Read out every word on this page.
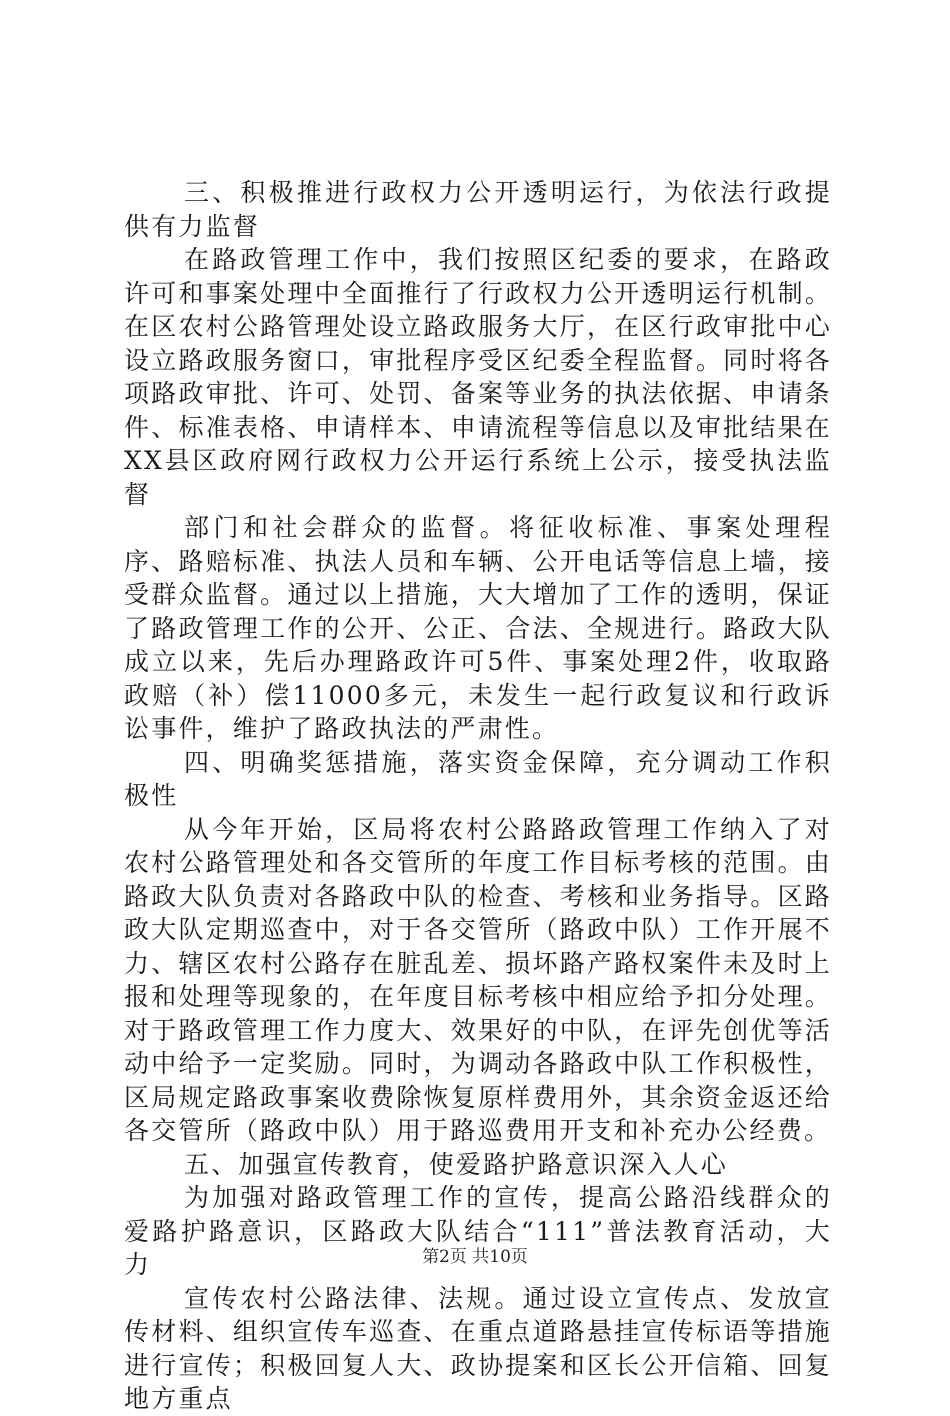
三、积极推进行政权力公开透明运行，为依法行政提供有力监督

在路政管理工作中，我们按照区纪委的要求，在路政许可和事案处理中全面推行了行政权力公开透明运行机制。在区农村公路管理处设立路政服务大厅，在区行政审批中心设立路政服务窗口，审批程序受区纪委全程监督。同时将各项路政审批、许可、处罚、备案等业务的执法依据、申请条件、标准表格、申请样本、申请流程等信息以及审批结果在XX县区政府网行政权力公开运行系统上公示，接受执法监督

部门和社会群众的监督。将征收标准、事案处理程序、路赔标准、执法人员和车辆、公开电话等信息上墙，接受群众监督。通过以上措施，大大增加了工作的透明，保证了路政管理工作的公开、公正、合法、全规进行。路政大队成立以来，先后办理路政许可5件、事案处理2件，收取路政赔（补）偿11000多元，未发生一起行政复议和行政诉讼事件，维护了路政执法的严肃性。

四、明确奖惩措施，落实资金保障，充分调动工作积极性

从今年开始，区局将农村公路路政管理工作纳入了对农村公路管理处和各交管所的年度工作目标考核的范围。由路政大队负责对各路政中队的检查、考核和业务指导。区路政大队定期巡查中，对于各交管所（路政中队）工作开展不力、辖区农村公路存在脏乱差、损坏路产路权案件未及时上报和处理等现象的，在年度目标考核中相应给予扣分处理。对于路政管理工作力度大、效果好的中队，在评先创优等活动中给予一定奖励。同时，为调动各路政中队工作积极性，区局规定路政事案收费除恢复原样费用外，其余资金返还给各交管所（路政中队）用于路巡费用开支和补充办公经费。

五、加强宣传教育，使爱路护路意识深入人心

为加强对路政管理工作的宣传，提高公路沿线群众的爱路护路意识，区路政大队结合“111”普法教育活动，大力

宣传农村公路法律、法规。通过设立宣传点、发放宣传材料、组织宣传车巡查、在重点道路悬挂宣传标语等措施进行宣传；积极回复人大、政协提案和区长公开信箱、回复地方重点

第2页 共10页
